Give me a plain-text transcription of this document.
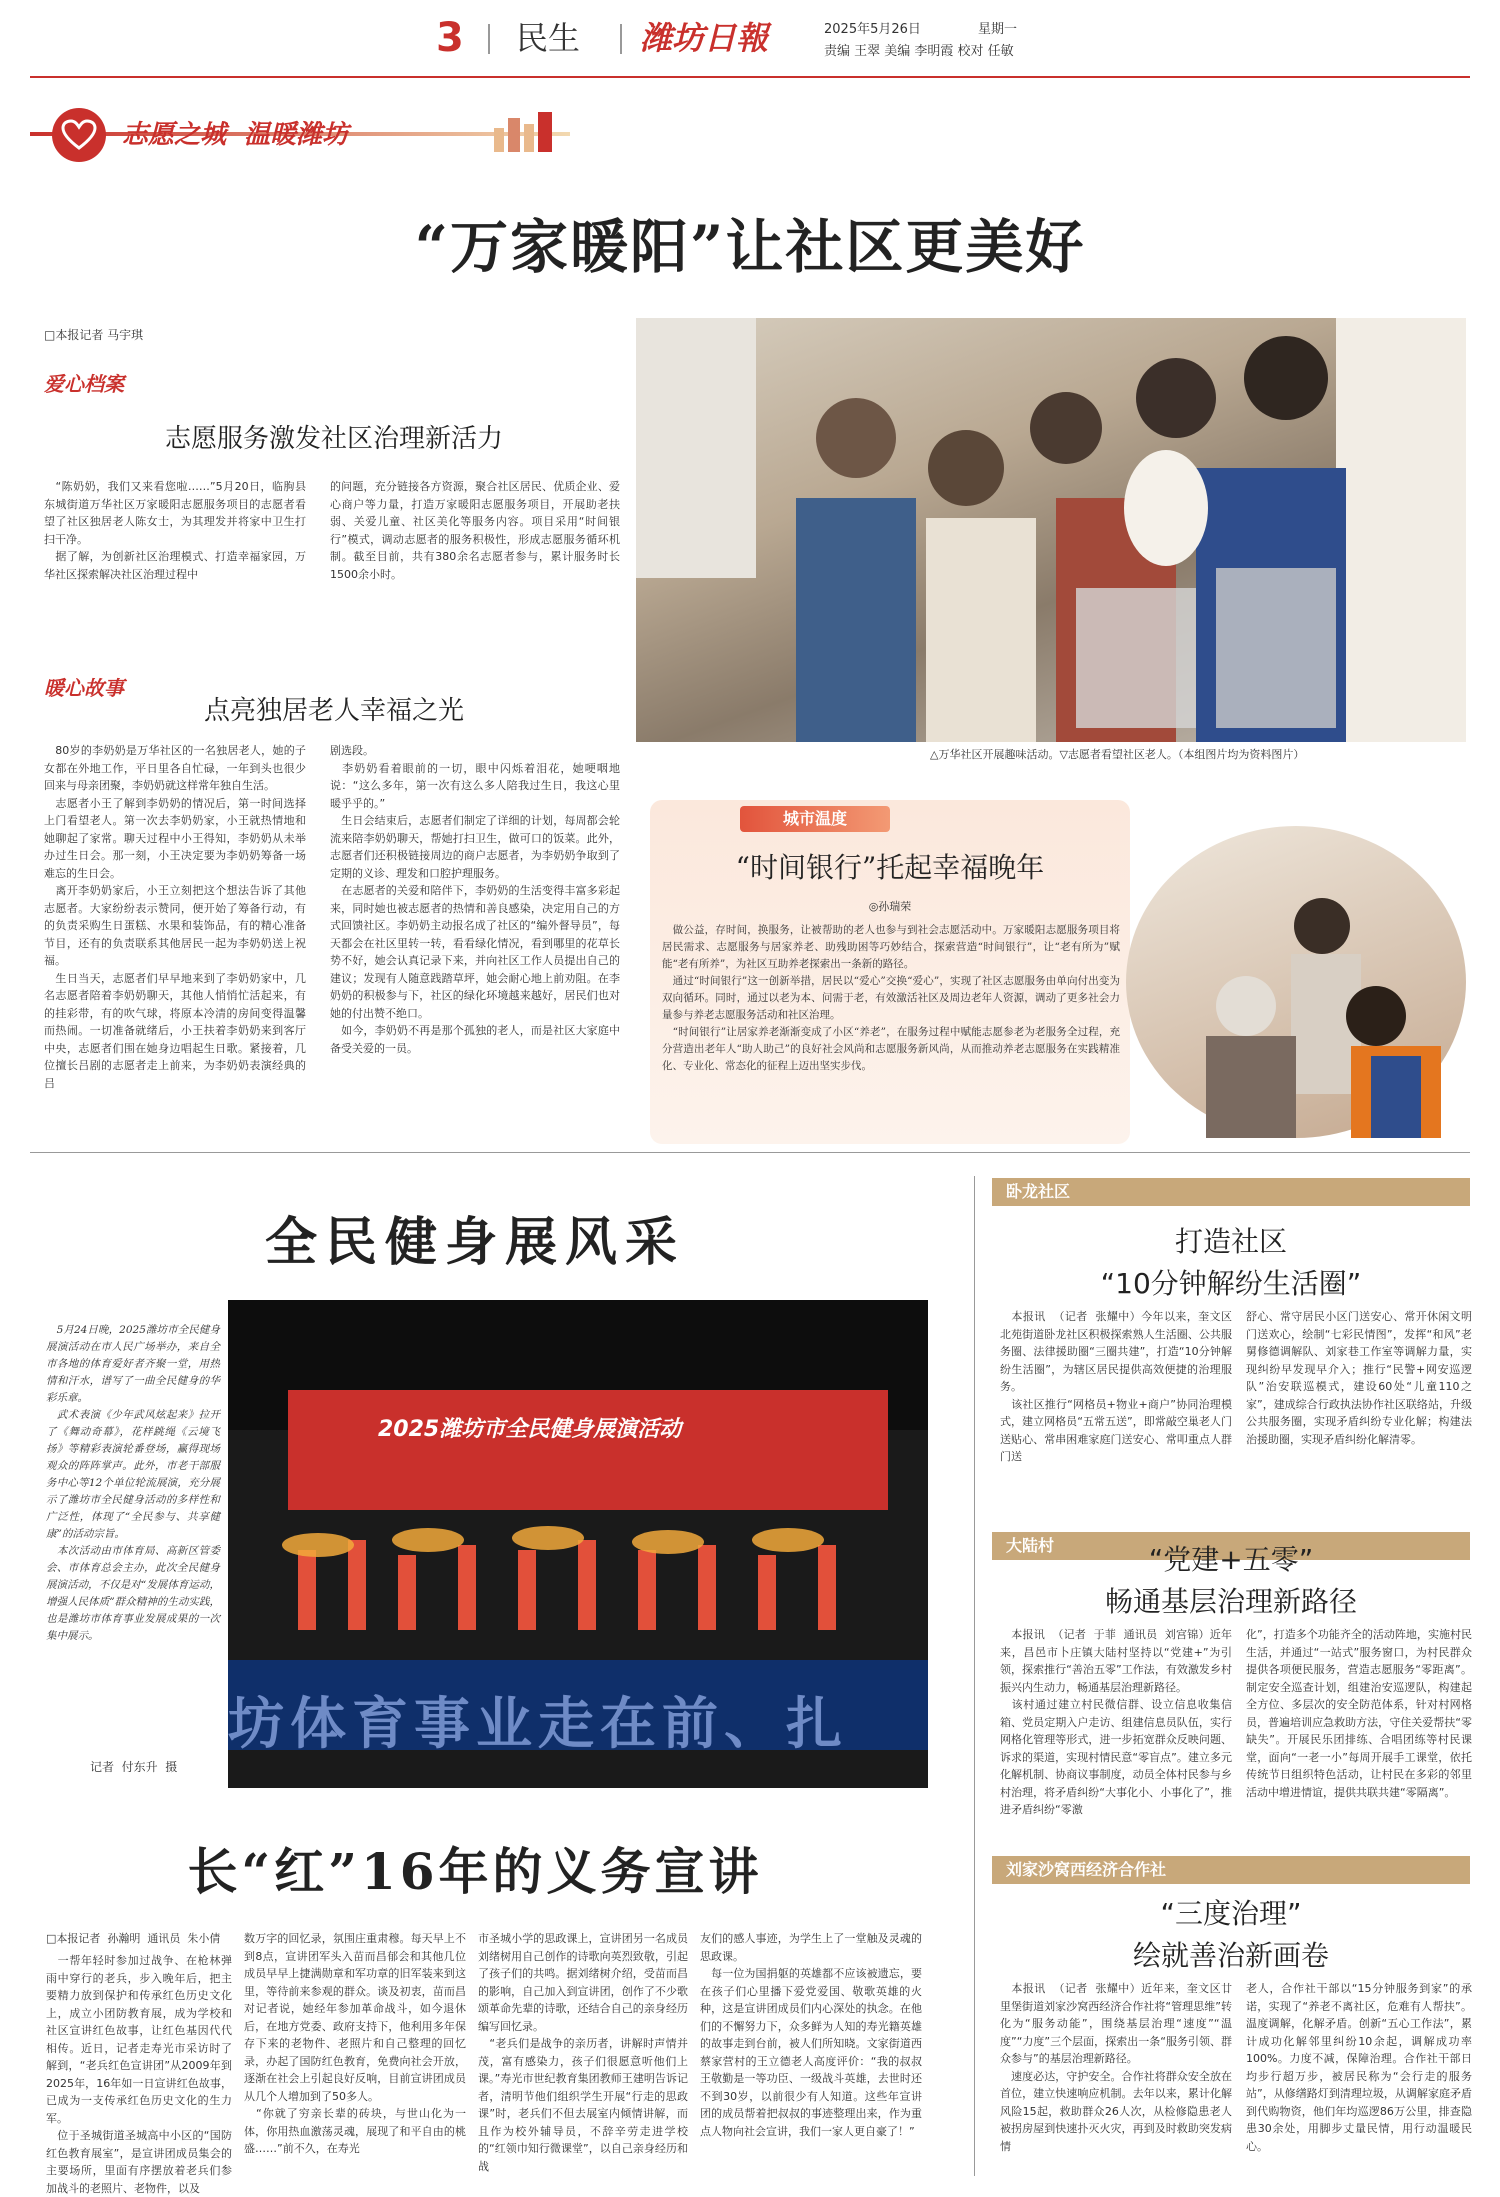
3 民生 潍坊日報	2025年5月26日	星期一
责编 王翠 美编 李明霞 校对 任敏
志愿之城  温暖潍坊
“万家暖阳”让社区更美好
□本报记者 马宇琪
爱心档案
志愿服务激发社区治理新活力
　“陈奶奶，我们又来看您啦……”5月20日，临朐县东城街道万华社区万家暖阳志愿服务项目的志愿者看望了社区独居老人陈女士，为其理发并将家中卫生打扫干净。
　据了解，为创新社区治理模式、打造幸福家园，万华社区探索解决社区治理过程中
的问题，充分链接各方资源，聚合社区居民、优质企业、爱心商户等力量，打造万家暖阳志愿服务项目，开展助老扶弱、关爱儿童、社区美化等服务内容。项目采用“时间银行”模式，调动志愿者的服务积极性，形成志愿服务循环机制。截至目前，共有380余名志愿者参与，累计服务时长1500余小时。
暖心故事
点亮独居老人幸福之光
　80岁的李奶奶是万华社区的一名独居老人，她的子女都在外地工作，平日里各自忙碌，一年到头也很少回来与母亲团聚，李奶奶就这样常年独自生活。
　志愿者小王了解到李奶奶的情况后，第一时间选择上门看望老人。第一次去李奶奶家，小王就热情地和她聊起了家常。聊天过程中小王得知，李奶奶从未举办过生日会。那一刻，小王决定要为李奶奶筹备一场难忘的生日会。
　离开李奶奶家后，小王立刻把这个想法告诉了其他志愿者。大家纷纷表示赞同，便开始了筹备行动，有的负责采购生日蛋糕、水果和装饰品，有的精心准备节目，还有的负责联系其他居民一起为李奶奶送上祝福。
　生日当天，志愿者们早早地来到了李奶奶家中，几名志愿者陪着李奶奶聊天，其他人悄悄忙活起来，有的挂彩带，有的吹气球，将原本冷清的房间变得温馨而热闹。一切准备就绪后，小王扶着李奶奶来到客厅中央，志愿者们围在她身边唱起生日歌。紧接着，几位擅长吕剧的志愿者走上前来，为李奶奶表演经典的吕
剧选段。
　李奶奶看着眼前的一切，眼中闪烁着泪花，她哽咽地说：“这么多年，第一次有这么多人陪我过生日，我这心里暖乎乎的。”
　生日会结束后，志愿者们制定了详细的计划，每周都会轮流来陪李奶奶聊天，帮她打扫卫生，做可口的饭菜。此外，志愿者们还积极链接周边的商户志愿者，为李奶奶争取到了定期的义诊、理发和口腔护理服务。
　在志愿者的关爱和陪伴下，李奶奶的生活变得丰富多彩起来，同时她也被志愿者的热情和善良感染，决定用自己的方式回馈社区。李奶奶主动报名成了社区的“编外督导员”，每天都会在社区里转一转，看看绿化情况，看到哪里的花草长势不好，她会认真记录下来，并向社区工作人员提出自己的建议；发现有人随意践踏草坪，她会耐心地上前劝阻。在李奶奶的积极参与下，社区的绿化环境越来越好，居民们也对她的付出赞不绝口。
　如今，李奶奶不再是那个孤独的老人，而是社区大家庭中备受关爱的一员。
△万华社区开展趣味活动。▽志愿者看望社区老人。（本组图片均为资料图片）
城市温度
“时间银行”托起幸福晚年
◎孙瑞荣
　做公益，存时间，换服务，让被帮助的老人也参与到社会志愿活动中。万家暖阳志愿服务项目将居民需求、志愿服务与居家养老、助残助困等巧妙结合，探索营造“时间银行”，让“老有所为”赋能“老有所养”，为社区互助养老探索出一条新的路径。
　通过“时间银行”这一创新举措，居民以“爱心”交换“爱心”，实现了社区志愿服务由单向付出变为双向循环。同时，通过以老为本、问需于老，有效激活社区及周边老年人资源，调动了更多社会力量参与养老志愿服务活动和社区治理。
　“时间银行”让居家养老渐渐变成了小区“养老”，在服务过程中赋能志愿参老为老服务全过程，充分营造出老年人“助人助己”的良好社会风尚和志愿服务新风尚，从而推动养老志愿服务在实践精准化、专业化、常态化的征程上迈出坚实步伐。
全民健身展风采
　5月24日晚，2025潍坊市全民健身展演活动在市人民广场举办，来自全市各地的体育爱好者齐聚一堂，用热情和汗水，谱写了一曲全民健身的华彩乐章。
　武术表演《少年武风炫起来》拉开了《舞动奇幕》，花样跳绳《云境飞扬》等精彩表演轮番登场，赢得现场观众的阵阵掌声。此外，市老干部服务中心等12个单位轮流展演，充分展示了潍坊市全民健身活动的多样性和广泛性，体现了“全民参与、共享健康”的活动宗旨。
　本次活动由市体育局、高新区管委会、市体育总会主办，此次全民健身展演活动，不仅是对“发展体育运动，增强人民体质”群众精神的生动实践，也是潍坊市体育事业发展成果的一次集中展示。
记者  付东升  摄
2025潍坊市全民健身展演活动
坊体育事业走在前、扎
长“红”16年的义务宣讲
□本报记者  孙瀚明  通讯员  朱小倩
　一帮年轻时参加过战争、在枪林弹雨中穿行的老兵，步入晚年后，把主要精力放到保护和传承红色历史文化上，成立小团防教育展，成为学校和社区宣讲红色故事，让红色基因代代相传。近日，记者走寿光市采访时了解到，“老兵红色宣讲团”从2009年到2025年，16年如一日宣讲红色故事，已成为一支传承红色历史文化的生力军。
　位于圣城街道圣城高中小区的“国防红色教育展室”，是宣讲团成员集会的主要场所，里面有序摆放着老兵们参加战斗的老照片、老物件，以及
数万字的回忆录，氛围庄重肃穆。每天早上不到8点，宣讲团军头入苗而昌郁会和其他几位成员早早上捷满勋章和军功章的旧军装来到这里，等待前来参观的群众。谈及初衷，苗而昌对记者说，她经年参加革命战斗，如今退休后，在地方党委、政府支持下，他利用多年保存下来的老物件、老照片和自己整理的回忆录，办起了国防红色教育，免费向社会开放，逐渐在社会上引起良好反响，目前宣讲团成员从几个人增加到了50多人。
　“你就了穷亲长辈的砖块，与世山化为一体，你用热血激荡灵魂，展现了和平自由的桃盛……”前不久，在寿光
市圣城小学的思政课上，宣讲团另一名成员刘绪树用自己创作的诗歌向英烈致敬，引起了孩子们的共鸣。据刘绪树介绍，受苗而昌的影响，自己加入到宣讲团，创作了不少歌颂革命先辈的诗歌，还结合自己的亲身经历编写回忆录。
　“老兵们是战争的亲历者，讲解时声情并茂，富有感染力，孩子们很愿意听他们上课。”寿光市世纪教育集团教师王建明告诉记者，清明节他们组织学生开展“行走的思政课”时，老兵们不但去展室内倾情讲解，而且作为校外辅导员，不辞辛劳走进学校的“红领巾知行微课堂”，以自己亲身经历和战
友们的感人事迹，为学生上了一堂触及灵魂的思政课。
　每一位为国捐躯的英雄都不应该被遗忘，要在孩子们心里播下爱党爱国、敬歌英雄的火种，这是宣讲团成员们内心深处的执念。在他们的不懈努力下，众多鲜为人知的寿光籍英雄的故事走到台前，被人们所知晓。文家街道西蔡家营村的王立德老人高度评价：“我的叔叔王敬勤是一等功臣、一级战斗英雄，去世时还不到30岁，以前很少有人知道。这些年宣讲团的成员帮着把叔叔的事迹整理出来，作为重点人物向社会宣讲，我们一家人更自豪了！”
卧龙社区
打造社区
“10分钟解纷生活圈”
　本报讯  （记者  张耀中）今年以来，奎文区北苑街道卧龙社区积极探索熟人生活圈、公共服务圈、法律援助圈“三圈共建”，打造“10分钟解纷生活圈”，为辖区居民提供高效便捷的治理服务。
　该社区推行“网格员+物业+商户”协同治理模式，建立网格员“五常五送”，即常敲空巢老人门送贴心、常串困难家庭门送安心、常叩重点人群门送
舒心、常守居民小区门送安心、常开休闲文明门送欢心，绘制“七彩民情图”，发挥“和风”老舅修德调解队、刘家巷工作室等调解力量，实现纠纷早发现早介入；推行“民警+网安巡逻队”治安联巡模式，建设60处“儿童110之家”，建成综合行政执法协作社区联络站，升级公共服务圈，实现矛盾纠纷专业化解；构建法治援助圈，实现矛盾纠纷化解清零。
大陆村	“党建+五零”
畅通基层治理新路径
　本报讯  （记者  于菲  通讯员  刘宫锦）近年来，昌邑市卜庄镇大陆村坚持以“党建+”为引领，探索推行“善治五零”工作法，有效激发乡村振兴内生动力，畅通基层治理新路径。
　该村通过建立村民微信群、设立信息收集信箱、党员定期入户走访、组建信息员队伍，实行网格化管理等形式，进一步拓宽群众反映问题、诉求的渠道，实现村情民意“零盲点”。建立多元化解机制、协商议事制度，动员全体村民参与乡村治理，将矛盾纠纷“大事化小、小事化了”，推进矛盾纠纷“零激
化”，打造多个功能齐全的活动阵地，实施村民生活，并通过“一站式”服务窗口，为村民群众提供各项便民服务，营造志愿服务“零距离”。制定安全巡查计划，组建治安巡逻队，构建起全方位、多层次的安全防范体系，针对村网格员，普遍培训应急救助方法，守住关爱帮扶“零缺失”。开展民乐团排练、合唱团练等村民课堂，面向“一老一小”每周开展手工课堂，依托传统节日组织特色活动，让村民在多彩的邻里活动中增进情谊，提供共联共建“零隔离”。
刘家沙窝西经济合作社
“三度治理”
绘就善治新画卷
　本报讯  （记者  张耀中）近年来，奎文区廿里堡街道刘家沙窝西经济合作社将“管理思维”转化为“服务动能”，围绕基层治理“速度”“温度”“力度”三个层面，探索出一条“服务引领、群众参与”的基层治理新路径。
　速度必达，守护安全。合作社将群众安全放在首位，建立快速响应机制。去年以来，累计化解风险15起，救助群众26人次，从检修隐患老人被拐房屋到快速扑灭火灾，再到及时救助突发病情
老人，合作社干部以“15分钟服务到家”的承诺，实现了“养老不离社区，危难有人帮扶”。温度调解，化解矛盾。创新“五心工作法”，累计成功化解邻里纠纷10余起，调解成功率100%。力度不减，保障治理。合作社干部日均步行超万步，被居民称为“会行走的服务站”，从修缮路灯到清理垃圾，从调解家庭矛盾到代购物资，他们年均巡逻86万公里，排查隐患30余处，用脚步丈量民情，用行动温暖民心。
